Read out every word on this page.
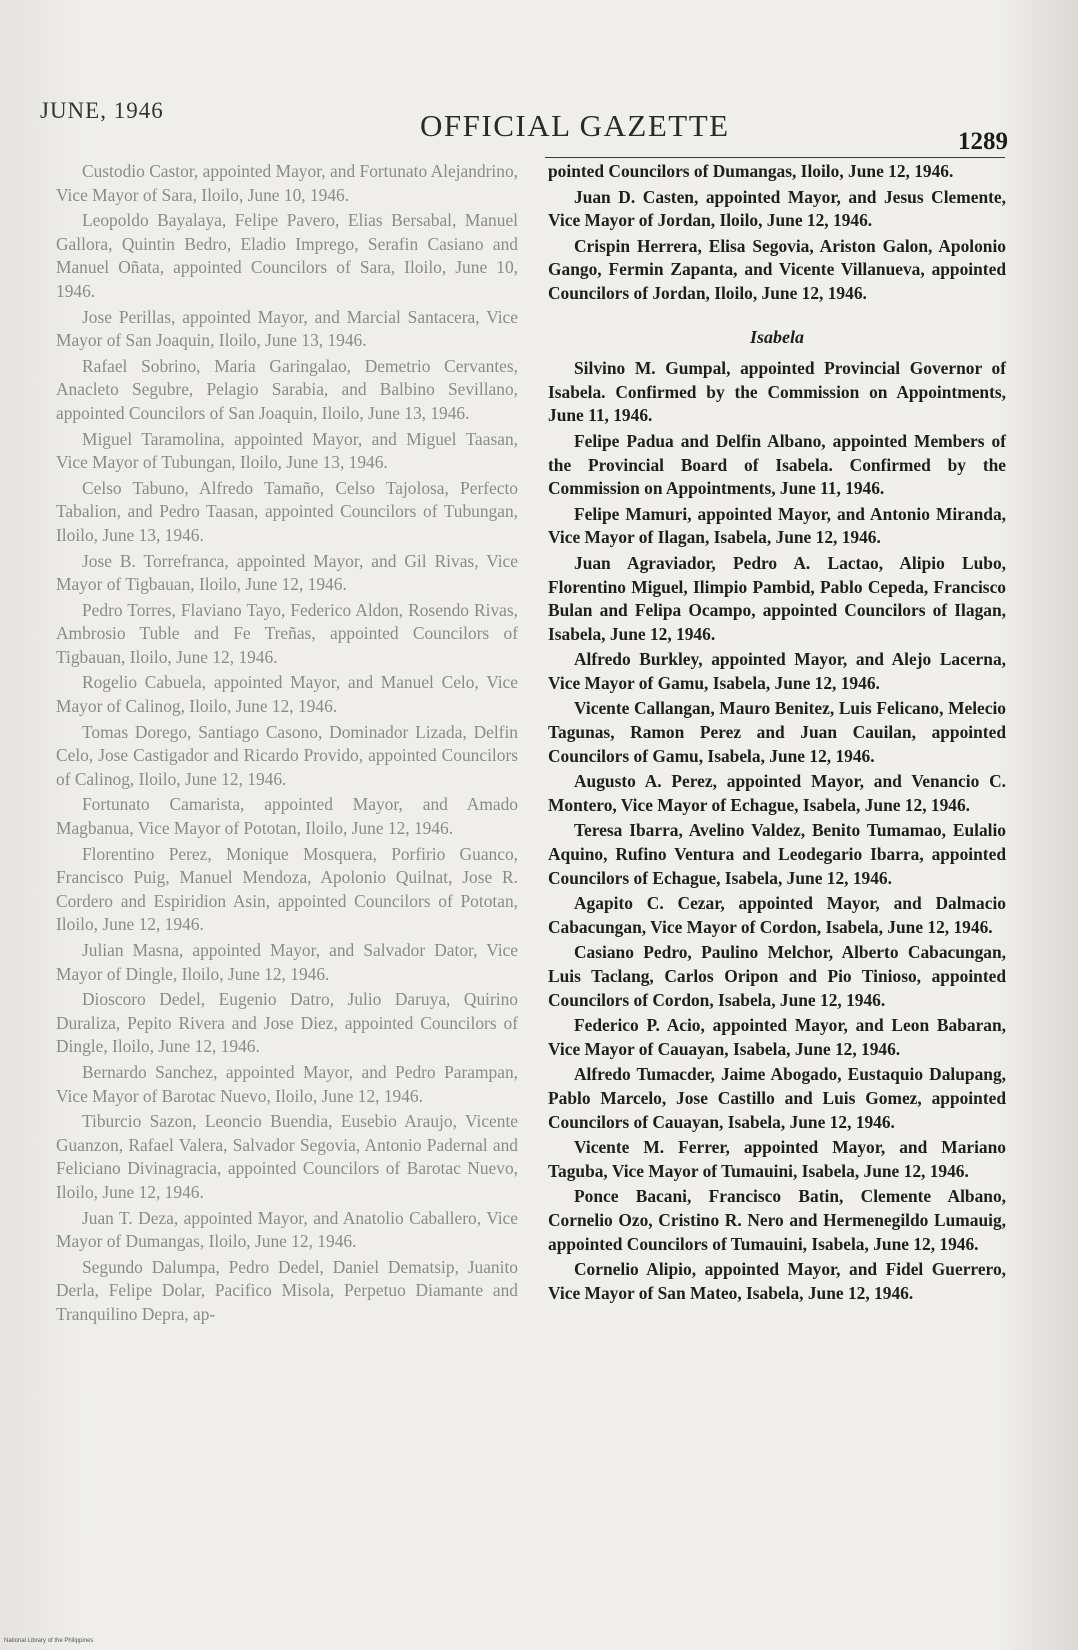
JUNE, 1946	OFFICIAL GAZETTE	1289

Custodio Castor, appointed Mayor, and Fortunato Alejandrino, Vice Mayor of Sara, Iloilo, June 10, 1946.

Leopoldo Bayalaya, Felipe Pavero, Elias Bersabal, Manuel Gallora, Quintin Bedro, Eladio Imprego, Serafin Casiano and Manuel Oñata, appointed Councilors of Sara, Iloilo, June 10, 1946.

Jose Perillas, appointed Mayor, and Marcial Santacera, Vice Mayor of San Joaquin, Iloilo, June 13, 1946.

Rafael Sobrino, Maria Garingalao, Demetrio Cervantes, Anacleto Segubre, Pelagio Sarabia, and Balbino Sevillano, appointed Councilors of San Joaquin, Iloilo, June 13, 1946.

Miguel Taramolina, appointed Mayor, and Miguel Taasan, Vice Mayor of Tubungan, Iloilo, June 13, 1946.

Celso Tabuno, Alfredo Tamaño, Celso Tajolosa, Perfecto Tabalion, and Pedro Taasan, appointed Councilors of Tubungan, Iloilo, June 13, 1946.

Jose B. Torrefranca, appointed Mayor, and Gil Rivas, Vice Mayor of Tigbauan, Iloilo, June 12, 1946.

Pedro Torres, Flaviano Tayo, Federico Aldon, Rosendo Rivas, Ambrosio Tuble and Fe Treñas, appointed Councilors of Tigbauan, Iloilo, June 12, 1946.

Rogelio Cabuela, appointed Mayor, and Manuel Celo, Vice Mayor of Calinog, Iloilo, June 12, 1946.

Tomas Dorego, Santiago Casono, Dominador Lizada, Delfin Celo, Jose Castigador and Ricardo Provido, appointed Councilors of Calinog, Iloilo, June 12, 1946.

Fortunato Camarista, appointed Mayor, and Amado Magbanua, Vice Mayor of Pototan, Iloilo, June 12, 1946.

Florentino Perez, Monique Mosquera, Porfirio Guanco, Francisco Puig, Manuel Mendoza, Apolonio Quilnat, Jose R. Cordero and Espiridion Asin, appointed Councilors of Pototan, Iloilo, June 12, 1946.

Julian Masna, appointed Mayor, and Salvador Dator, Vice Mayor of Dingle, Iloilo, June 12, 1946.

Dioscoro Dedel, Eugenio Datro, Julio Daruya, Quirino Duraliza, Pepito Rivera and Jose Diez, appointed Councilors of Dingle, Iloilo, June 12, 1946.

Bernardo Sanchez, appointed Mayor, and Pedro Parampan, Vice Mayor of Barotac Nuevo, Iloilo, June 12, 1946.

Tiburcio Sazon, Leoncio Buendia, Eusebio Araujo, Vicente Guanzon, Rafael Valera, Salvador Segovia, Antonio Padernal and Feliciano Divinagracia, appointed Councilors of Barotac Nuevo, Iloilo, June 12, 1946.

Juan T. Deza, appointed Mayor, and Anatolio Caballero, Vice Mayor of Dumangas, Iloilo, June 12, 1946.

Segundo Dalumpa, Pedro Dedel, Daniel Dematsip, Juanito Derla, Felipe Dolar, Pacifico Misola, Perpetuo Diamante and Tranquilino Depra, ap-

pointed Councilors of Dumangas, Iloilo, June 12, 1946.

Juan D. Casten, appointed Mayor, and Jesus Clemente, Vice Mayor of Jordan, Iloilo, June 12, 1946.

Crispin Herrera, Elisa Segovia, Ariston Galon, Apolonio Gango, Fermin Zapanta, and Vicente Villanueva, appointed Councilors of Jordan, Iloilo, June 12, 1946.

Isabela

Silvino M. Gumpal, appointed Provincial Governor of Isabela. Confirmed by the Commission on Appointments, June 11, 1946.

Felipe Padua and Delfin Albano, appointed Members of the Provincial Board of Isabela. Confirmed by the Commission on Appointments, June 11, 1946.

Felipe Mamuri, appointed Mayor, and Antonio Miranda, Vice Mayor of Ilagan, Isabela, June 12, 1946.

Juan Agraviador, Pedro A. Lactao, Alipio Lubo, Florentino Miguel, Ilimpio Pambid, Pablo Cepeda, Francisco Bulan and Felipa Ocampo, appointed Councilors of Ilagan, Isabela, June 12, 1946.

Alfredo Burkley, appointed Mayor, and Alejo Lacerna, Vice Mayor of Gamu, Isabela, June 12, 1946.

Vicente Callangan, Mauro Benitez, Luis Felicano, Melecio Tagunas, Ramon Perez and Juan Cauilan, appointed Councilors of Gamu, Isabela, June 12, 1946.

Augusto A. Perez, appointed Mayor, and Venancio C. Montero, Vice Mayor of Echague, Isabela, June 12, 1946.

Teresa Ibarra, Avelino Valdez, Benito Tumamao, Eulalio Aquino, Rufino Ventura and Leodegario Ibarra, appointed Councilors of Echague, Isabela, June 12, 1946.

Agapito C. Cezar, appointed Mayor, and Dalmacio Cabacungan, Vice Mayor of Cordon, Isabela, June 12, 1946.

Casiano Pedro, Paulino Melchor, Alberto Cabacungan, Luis Taclang, Carlos Oripon and Pio Tinioso, appointed Councilors of Cordon, Isabela, June 12, 1946.

Federico P. Acio, appointed Mayor, and Leon Babaran, Vice Mayor of Cauayan, Isabela, June 12, 1946.

Alfredo Tumacder, Jaime Abogado, Eustaquio Dalupang, Pablo Marcelo, Jose Castillo and Luis Gomez, appointed Councilors of Cauayan, Isabela, June 12, 1946.

Vicente M. Ferrer, appointed Mayor, and Mariano Taguba, Vice Mayor of Tumauini, Isabela, June 12, 1946.

Ponce Bacani, Francisco Batin, Clemente Albano, Cornelio Ozo, Cristino R. Nero and Hermenegildo Lumauig, appointed Councilors of Tumauini, Isabela, June 12, 1946.

Cornelio Alipio, appointed Mayor, and Fidel Guerrero, Vice Mayor of San Mateo, Isabela, June 12, 1946.

National Library of the Philippines
